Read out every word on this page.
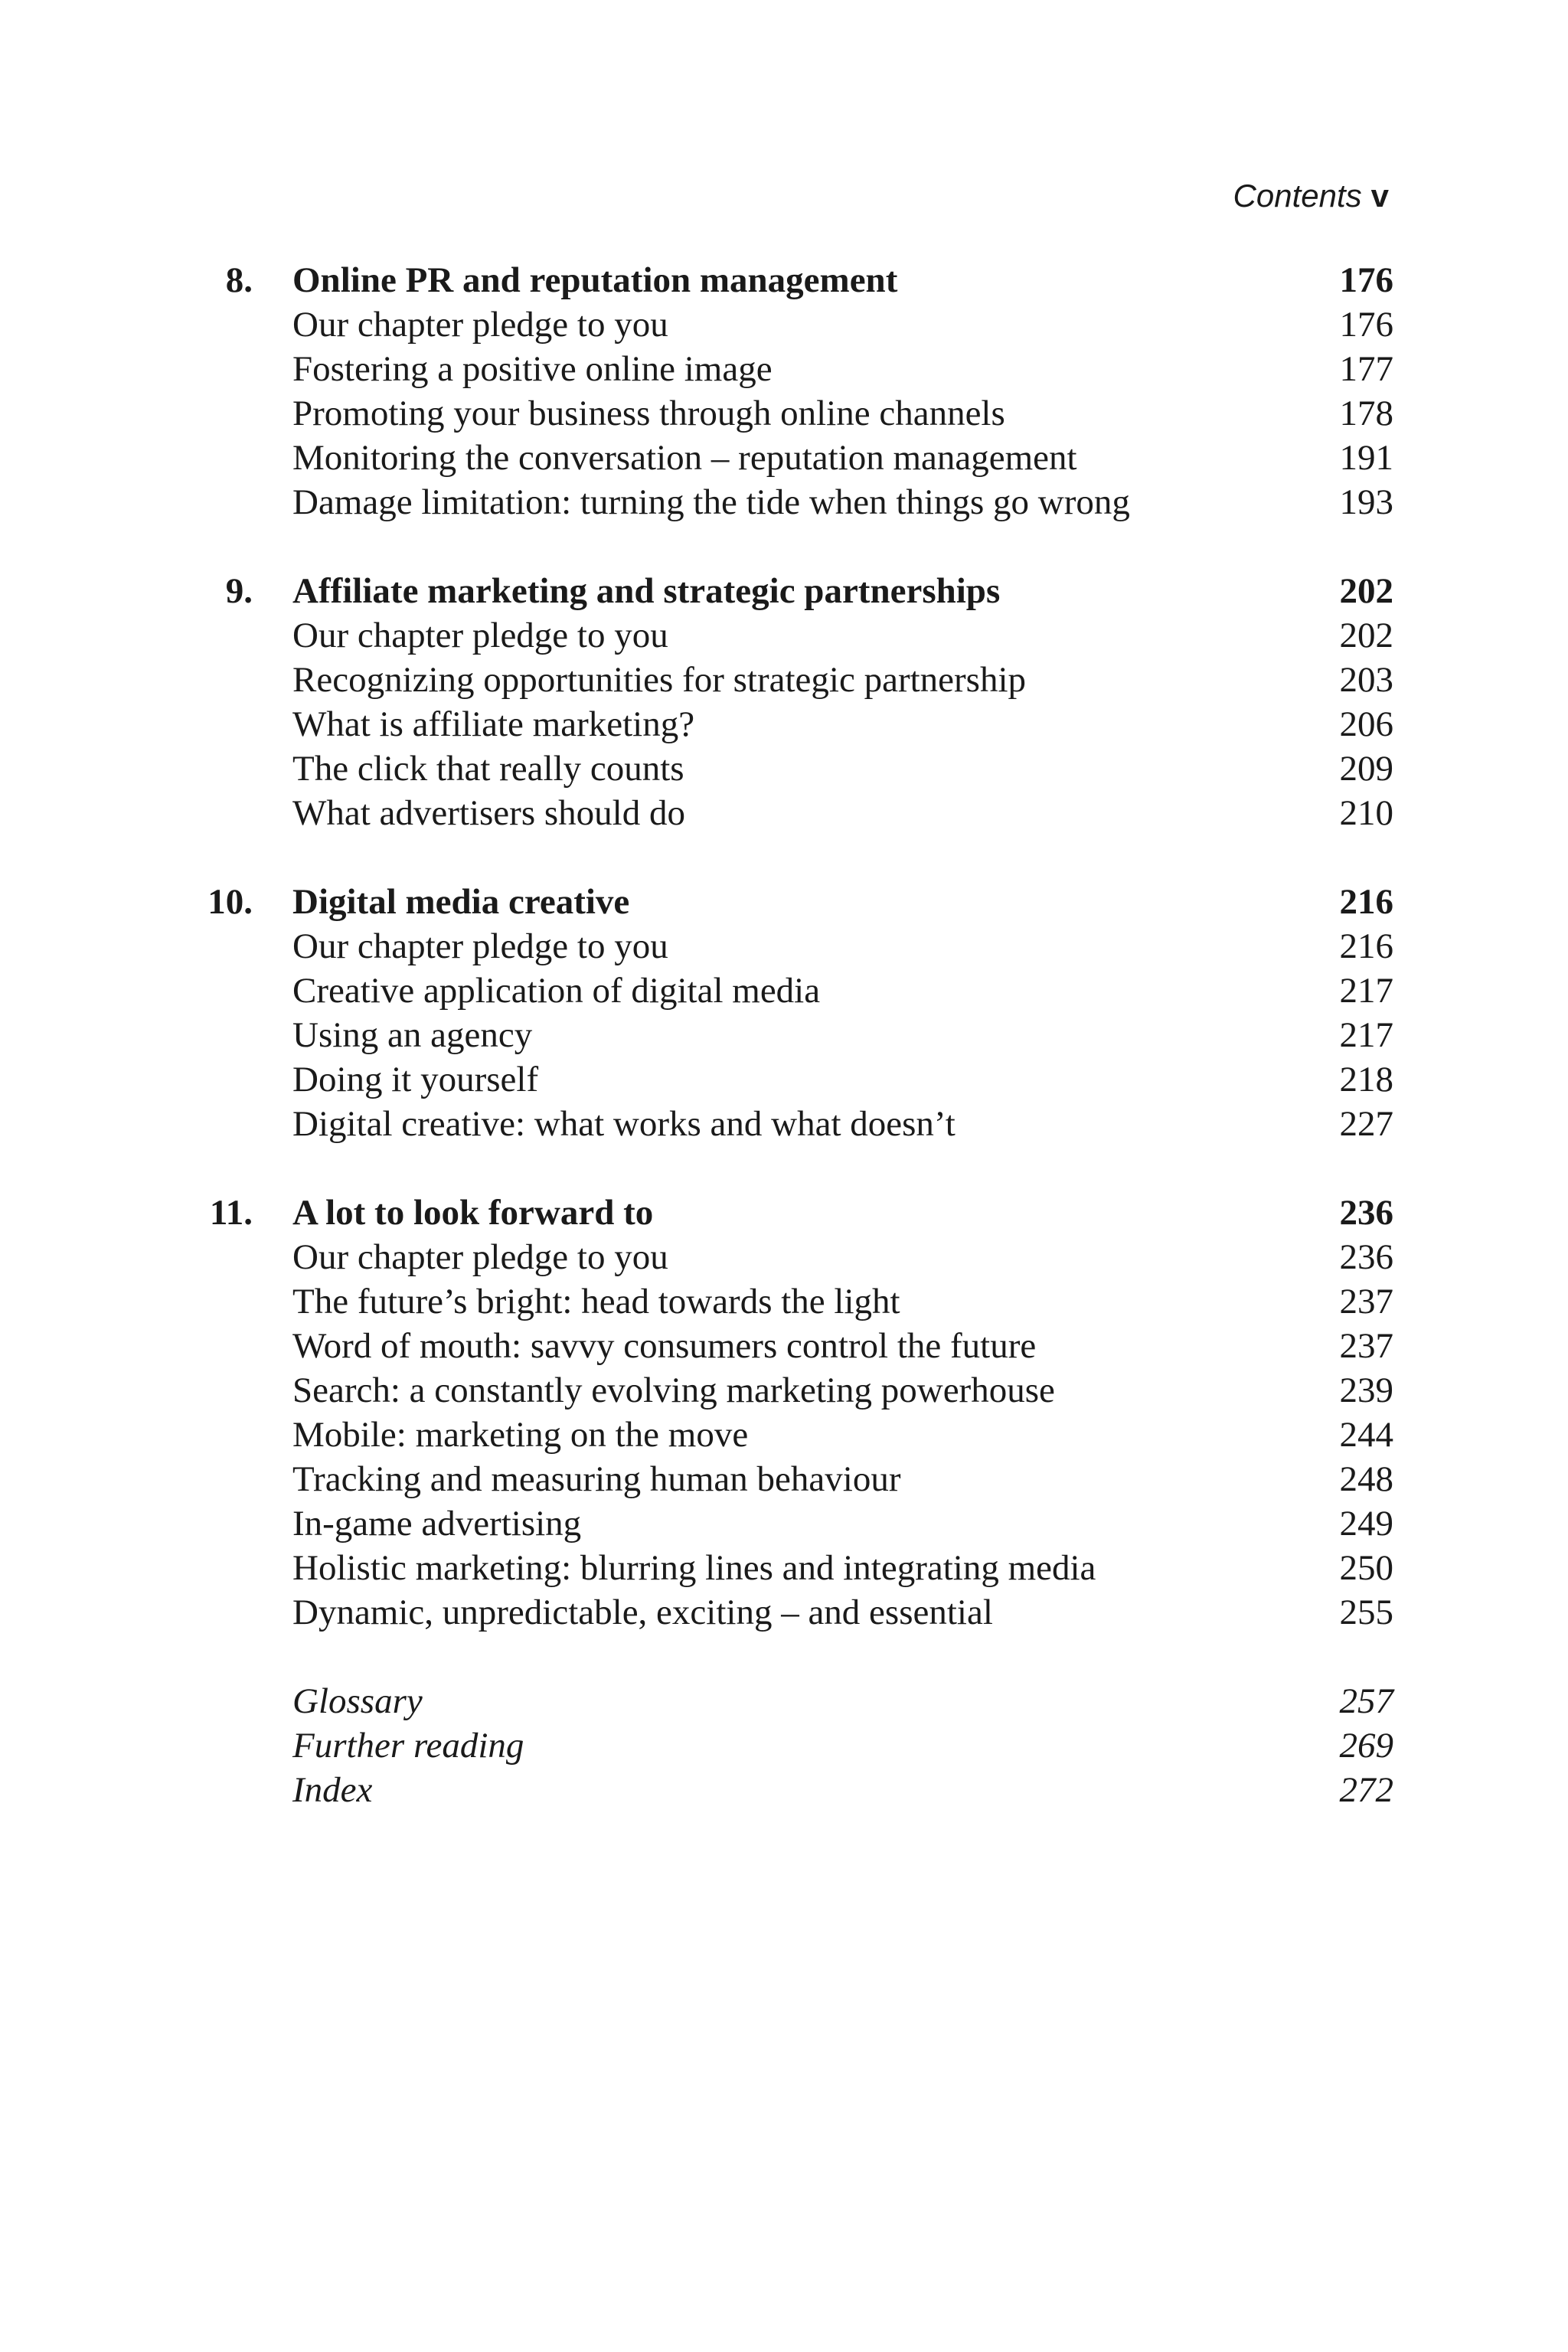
Contents v
8. Online PR and reputation management	176
Our chapter pledge to you	176
Fostering a positive online image	177
Promoting your business through online channels	178
Monitoring the conversation – reputation management	191
Damage limitation: turning the tide when things go wrong	193
9. Affiliate marketing and strategic partnerships	202
Our chapter pledge to you	202
Recognizing opportunities for strategic partnership	203
What is affiliate marketing?	206
The click that really counts	209
What advertisers should do	210
10. Digital media creative	216
Our chapter pledge to you	216
Creative application of digital media	217
Using an agency	217
Doing it yourself	218
Digital creative: what works and what doesn’t	227
11. A lot to look forward to	236
Our chapter pledge to you	236
The future’s bright: head towards the light	237
Word of mouth: savvy consumers control the future	237
Search: a constantly evolving marketing powerhouse	239
Mobile: marketing on the move	244
Tracking and measuring human behaviour	248
In-game advertising	249
Holistic marketing: blurring lines and integrating media	250
Dynamic, unpredictable, exciting – and essential	255
Glossary	257
Further reading	269
Index	272
